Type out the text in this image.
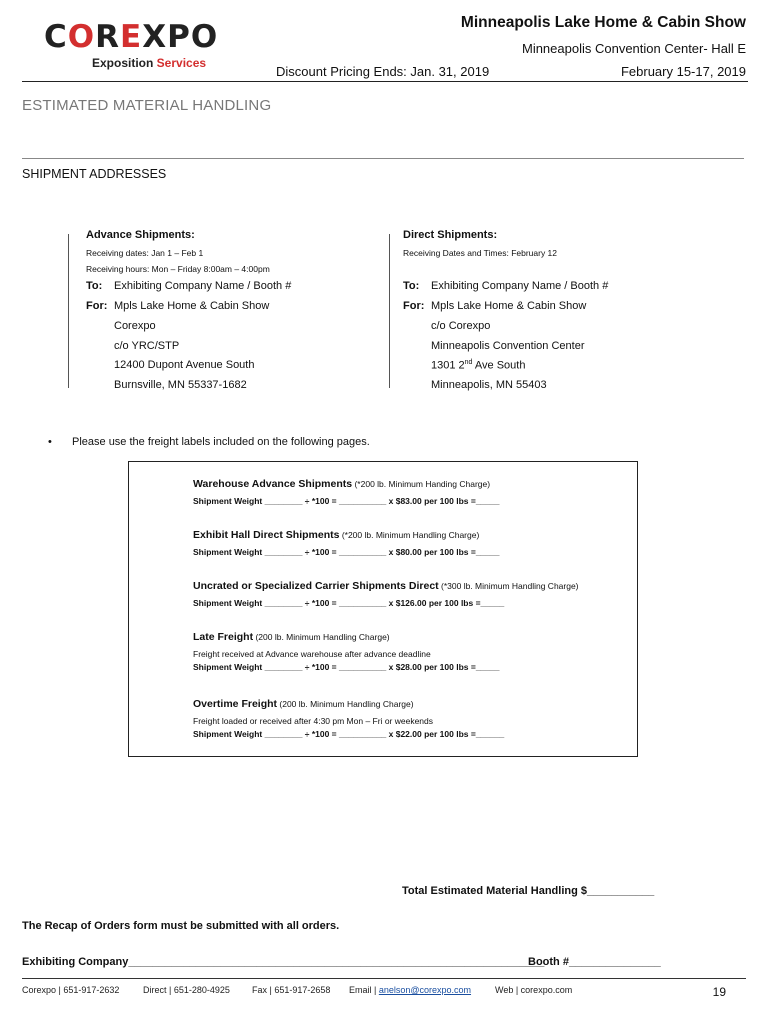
COREXPO
Exposition Services
Minneapolis Lake Home & Cabin Show
Minneapolis Convention Center- Hall E
Discount Pricing Ends: Jan. 31, 2019	February 15-17, 2019
ESTIMATED MATERIAL HANDLING
SHIPMENT ADDRESSES
Advance Shipments:
Receiving dates: Jan 1 – Feb 1
Receiving hours: Mon – Friday 8:00am – 4:00pm
To: Exhibiting Company Name / Booth #
For: Mpls Lake Home & Cabin Show
Corexpo
c/o YRC/STP
12400 Dupont Avenue South
Burnsville, MN 55337-1682
Direct Shipments:
Receiving Dates and Times: February 12
To: Exhibiting Company Name / Booth #
For: Mpls Lake Home & Cabin Show
c/o Corexpo
Minneapolis Convention Center
1301 2nd Ave South
Minneapolis, MN 55403
• Please use the freight labels included on the following pages.
Warehouse Advance Shipments (*200 lb. Minimum Handing Charge)
Shipment Weight ________ ÷ *100 = __________ x $83.00 per 100 lbs =_____
Exhibit Hall Direct Shipments (*200 lb. Minimum Handling Charge)
Shipment Weight ________ ÷ *100 = __________ x $80.00 per 100 lbs =_____
Uncrated or Specialized Carrier Shipments Direct (*300 lb. Minimum Handling Charge)
Shipment Weight ________ ÷ *100 = __________ x $126.00 per 100 lbs =_____
Late Freight (200 lb. Minimum Handling Charge)
Freight received at Advance warehouse after advance deadline
Shipment Weight ________ ÷ *100 = __________ x $28.00 per 100 lbs =_____
Overtime Freight (200 lb. Minimum Handling Charge)
Freight loaded or received after 4:30 pm Mon – Fri or weekends
Shipment Weight ________ ÷ *100 = __________ x $22.00 per 100 lbs =______
Total Estimated Material Handling $___________
The Recap of Orders form must be submitted with all orders.
Exhibiting Company____________________________________________________________________
Booth #_______________
Corexpo | 651-917-2632	Direct | 651-280-4925 Fax | 651-917-2658 Email | anelson@corexpo.com	Web | corexpo.com	19
